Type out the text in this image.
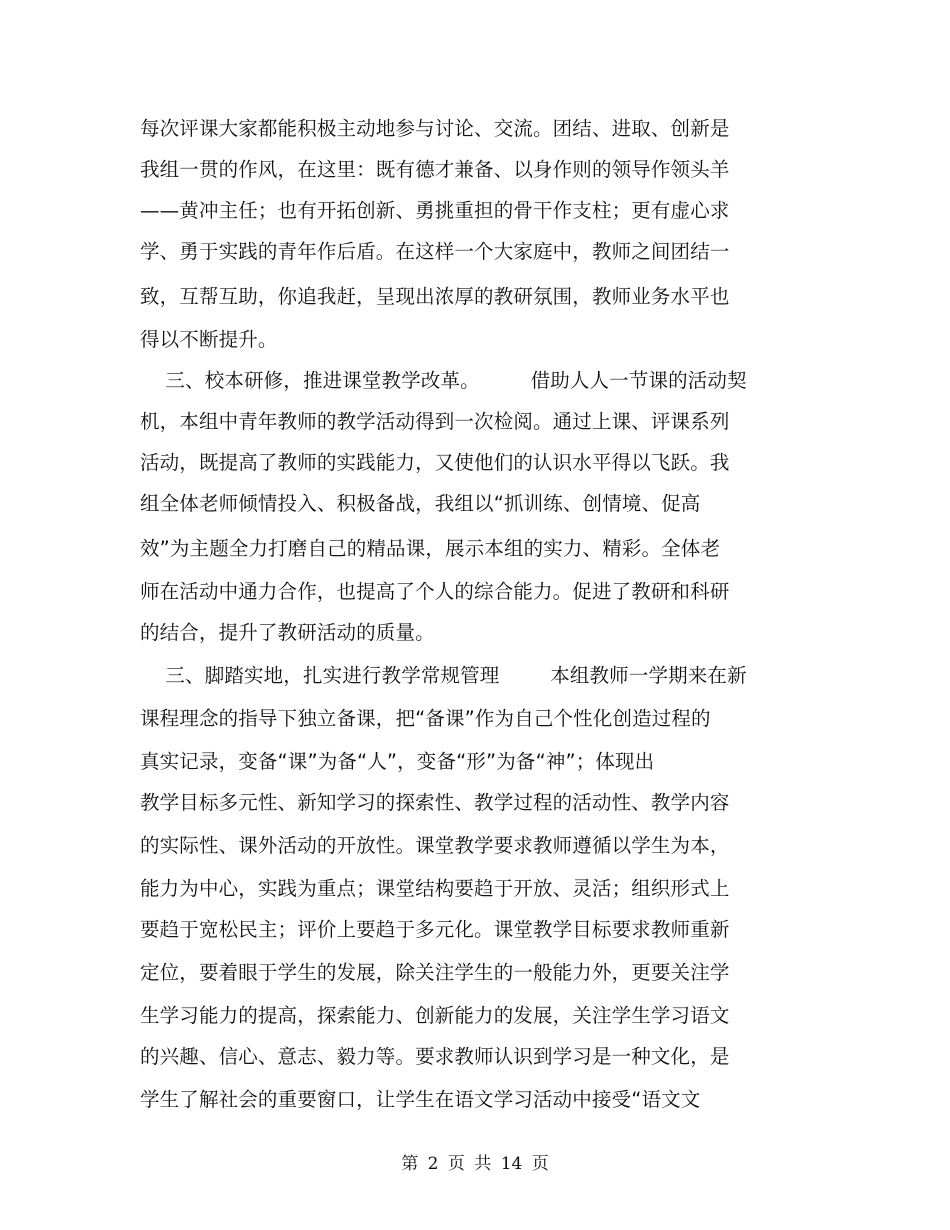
每次评课大家都能积极主动地参与讨论、交流。团结、进取、创新是
我组一贯的作风，在这里：既有德才兼备、以身作则的领导作领头羊
——黄冲主任；也有开拓创新、勇挑重担的骨干作支柱；更有虚心求
学、勇于实践的青年作后盾。在这样一个大家庭中，教师之间团结一
致，互帮互助，你追我赶，呈现出浓厚的教研氛围，教师业务水平也
得以不断提升。
三、校本研修，推进课堂教学改革。        借助人人一节课的活动契
机，本组中青年教师的教学活动得到一次检阅。通过上课、评课系列
活动，既提高了教师的实践能力，又使他们的认识水平得以飞跃。我
组全体老师倾情投入、积极备战，我组以“抓训练、创情境、促高
效”为主题全力打磨自己的精品课，展示本组的实力、精彩。全体老
师在活动中通力合作，也提高了个人的综合能力。促进了教研和科研
的结合，提升了教研活动的质量。
三、脚踏实地，扎实进行教学常规管理        本组教师一学期来在新
课程理念的指导下独立备课，把“备课”作为自己个性化创造过程的
真实记录，变备“课”为备“人”，变备“形”为备“神”；体现出
教学目标多元性、新知学习的探索性、教学过程的活动性、教学内容
的实际性、课外活动的开放性。课堂教学要求教师遵循以学生为本，
能力为中心，实践为重点；课堂结构要趋于开放、灵活；组织形式上
要趋于宽松民主；评价上要趋于多元化。课堂教学目标要求教师重新
定位，要着眼于学生的发展，除关注学生的一般能力外，更要关注学
生学习能力的提高，探索能力、创新能力的发展，关注学生学习语文
的兴趣、信心、意志、毅力等。要求教师认识到学习是一种文化，是
学生了解社会的重要窗口，让学生在语文学习活动中接受“语文文
第 2 页 共 14 页
